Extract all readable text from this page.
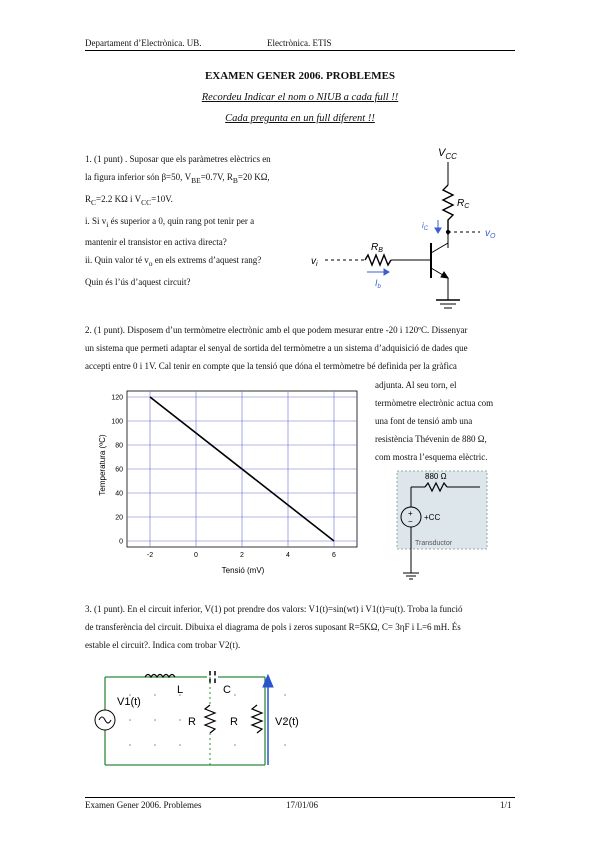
Departament d’Electrònica. UB.	Electrònica. ETIS
EXAMEN GENER 2006. PROBLEMES
Recordeu Indicar el nom o NIUB a cada full !!
Cada pregunta en un full diferent !!

1. (1 punt) . Suposar que els paràmetres elèctrics en

la figura inferior són β=50, $V_{BE}=0.7V$, $R_B=20$ KΩ,

$R_C=2.2$ KΩ i $V_{CC}=10V$.

i. Si $v_i$ és superior a 0, quin rang pot tenir per a

mantenir el transistor en activa directa?

ii. Quin valor té $v_o$ en els extrems d’aquest rang?

Quin és l’ús d’aquest circuit?

$V_{CC}$
$R_C$
$R_B$
$v_O$
$v_i$
$i_C$
$I_b$

2. (1 punt). Disposem d’un termòmetre electrònic amb el que podem mesurar entre -20 i 120ºC. Dissenyar

un sistema que permeti adaptar el senyal de sortida del termòmetre a un sistema d’adquisició de dades que

accepti entre 0 i 1V. Cal tenir en compte que la tensió que dóna el termòmetre bé definida per la gràfica

adjunta. Al seu torn, el

termòmetre electrònic actua com

una font de tensió amb una

resistència Thévenin de 880 Ω,

com mostra l’esquema elèctric.

-2	0	2	4	6
0
20
40
60
80
100
120
Tensió (mV)
Temperatura (ºC)
+
−
880 Ω
+CC
Transductor

3. (1 punt). En el circuit inferior, V(1) pot prendre dos valors: V1(t)=sin(wt) i V1(t)=u(t). Troba la funció

de transferència del circuit. Dibuixa el diagrama de pols i zeros suposant R=5KΩ, C= 3ηF i L=6 mH. És

estable el circuit?. Indica com trobar V2(t).

V1(t)
L	C
R	R	V2(t)
Examen Gener 2006. Problemes	17/01/06	1/1
